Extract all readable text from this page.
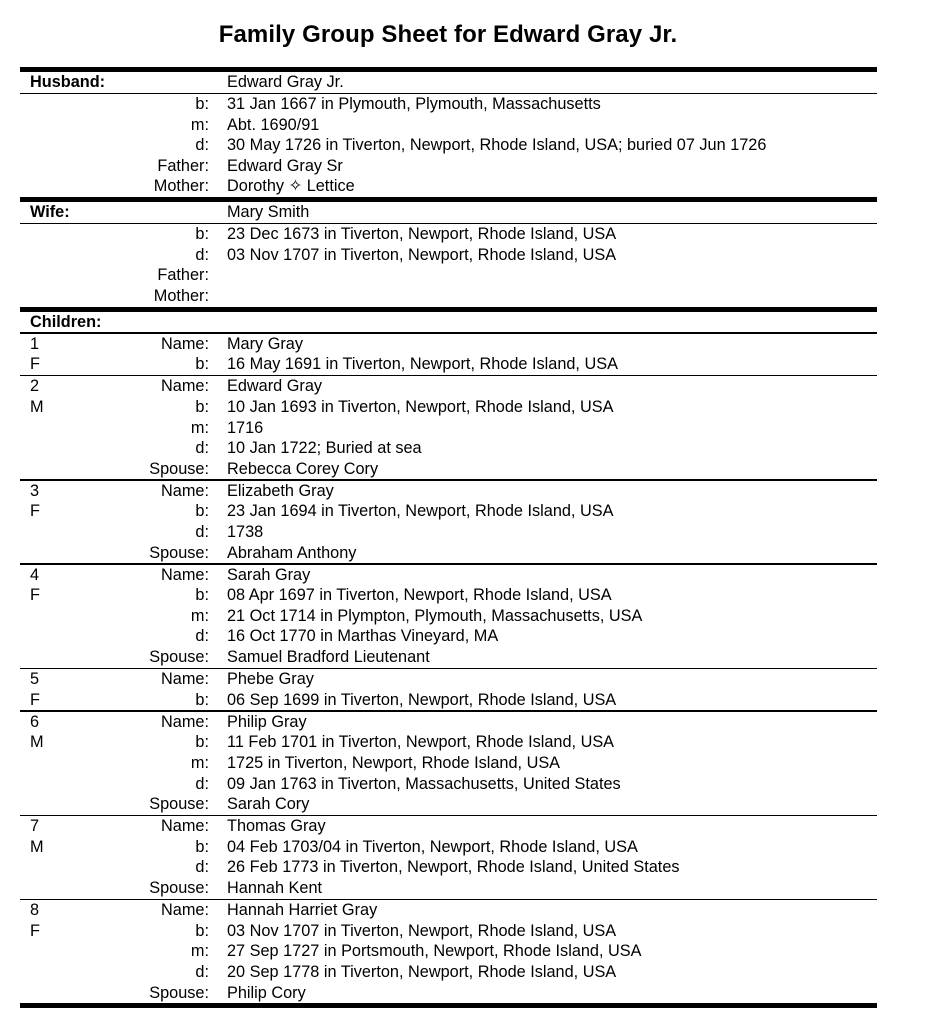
Family Group Sheet for Edward Gray Jr.
Husband:	Edward Gray Jr.
b: 31 Jan 1667 in Plymouth, Plymouth, Massachusetts
m: Abt. 1690/91
d: 30 May 1726 in Tiverton, Newport, Rhode Island, USA; buried 07 Jun 1726
Father: Edward Gray Sr
Mother: Dorothy ✧ Lettice
Wife:	Mary Smith
b: 23 Dec 1673 in Tiverton, Newport, Rhode Island, USA
d: 03 Nov 1707 in Tiverton, Newport, Rhode Island, USA
Father:
Mother:
Children:
1	Name: Mary Gray
F	b: 16 May 1691 in Tiverton, Newport, Rhode Island, USA
2	Name: Edward Gray
M	b: 10 Jan 1693 in Tiverton, Newport, Rhode Island, USA
m: 1716
d: 10 Jan 1722; Buried at sea
Spouse: Rebecca Corey Cory
3	Name: Elizabeth Gray
F	b: 23 Jan 1694 in Tiverton, Newport, Rhode Island, USA
d: 1738
Spouse: Abraham Anthony
4	Name: Sarah Gray
F	b: 08 Apr 1697 in Tiverton, Newport, Rhode Island, USA
m: 21 Oct 1714 in Plympton, Plymouth, Massachusetts, USA
d: 16 Oct 1770 in Marthas Vineyard, MA
Spouse: Samuel Bradford Lieutenant
5	Name: Phebe Gray
F	b: 06 Sep 1699 in Tiverton, Newport, Rhode Island, USA
6	Name: Philip Gray
M	b: 11 Feb 1701 in Tiverton, Newport, Rhode Island, USA
m: 1725 in Tiverton, Newport, Rhode Island, USA
d: 09 Jan 1763 in Tiverton, Massachusetts, United States
Spouse: Sarah Cory
7	Name: Thomas Gray
M	b: 04 Feb 1703/04 in Tiverton, Newport, Rhode Island, USA
d: 26 Feb 1773 in Tiverton, Newport, Rhode Island, United States
Spouse: Hannah Kent
8	Name: Hannah Harriet Gray
F	b: 03 Nov 1707 in Tiverton, Newport, Rhode Island, USA
m: 27 Sep 1727 in Portsmouth, Newport, Rhode Island, USA
d: 20 Sep 1778 in Tiverton, Newport, Rhode Island, USA
Spouse: Philip Cory
